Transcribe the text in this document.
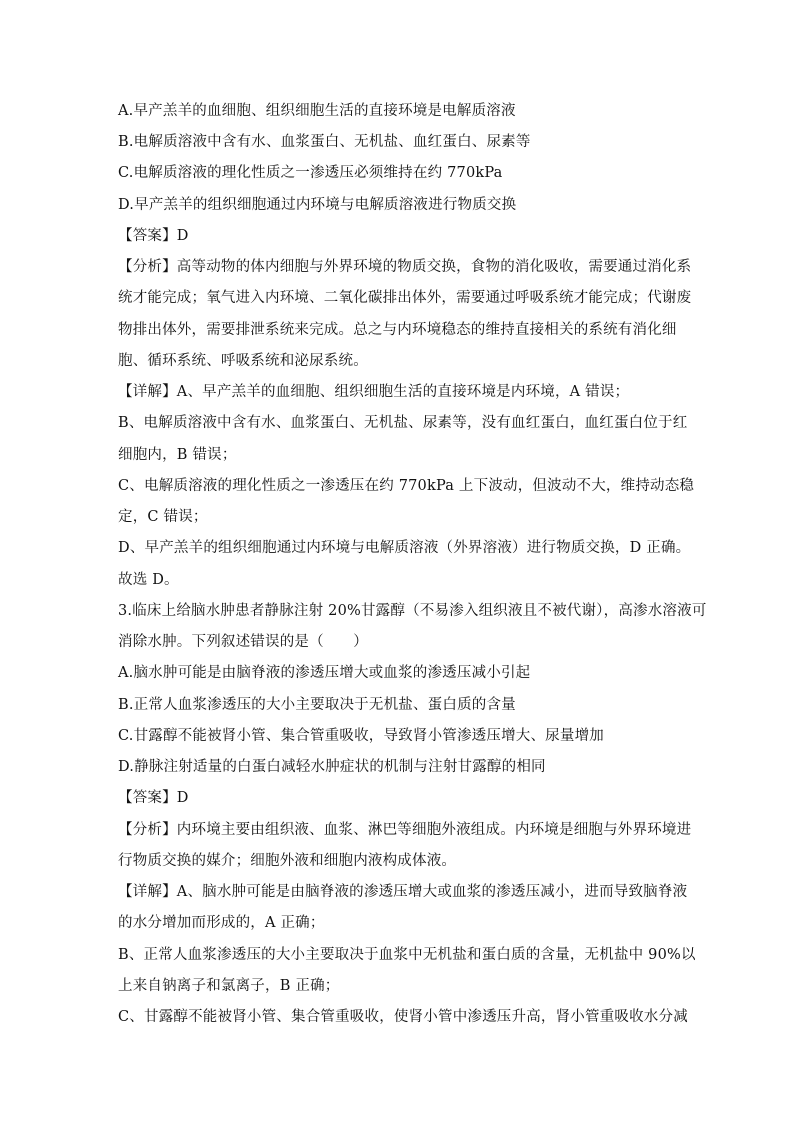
A.早产羔羊的血细胞、组织细胞生活的直接环境是电解质溶液
B.电解质溶液中含有水、血浆蛋白、无机盐、血红蛋白、尿素等
C.电解质溶液的理化性质之一渗透压必须维持在约 770kPa
D.早产羔羊的组织细胞通过内环境与电解质溶液进行物质交换
【答案】D
【分析】高等动物的体内细胞与外界环境的物质交换，食物的消化吸收，需要通过消化系
统才能完成；氧气进入内环境、二氧化碳排出体外，需要通过呼吸系统才能完成；代谢废
物排出体外，需要排泄系统来完成。总之与内环境稳态的维持直接相关的系统有消化细
胞、循环系统、呼吸系统和泌尿系统。
【详解】A、早产羔羊的血细胞、组织细胞生活的直接环境是内环境，A 错误；
B、电解质溶液中含有水、血浆蛋白、无机盐、尿素等，没有血红蛋白，血红蛋白位于红
细胞内，B 错误；
C、电解质溶液的理化性质之一渗透压在约 770kPa 上下波动，但波动不大，维持动态稳
定，C 错误；
D、早产羔羊的组织细胞通过内环境与电解质溶液（外界溶液）进行物质交换，D 正确。
故选 D。
3.临床上给脑水肿患者静脉注射 20%甘露醇（不易渗入组织液且不被代谢），高渗水溶液可
消除水肿。下列叙述错误的是（　　）
A.脑水肿可能是由脑脊液的渗透压增大或血浆的渗透压减小引起
B.正常人血浆渗透压的大小主要取决于无机盐、蛋白质的含量
C.甘露醇不能被肾小管、集合管重吸收，导致肾小管渗透压增大、尿量增加
D.静脉注射适量的白蛋白减轻水肿症状的机制与注射甘露醇的相同
【答案】D
【分析】内环境主要由组织液、血浆、淋巴等细胞外液组成。内环境是细胞与外界环境进
行物质交换的媒介；细胞外液和细胞内液构成体液。
【详解】A、脑水肿可能是由脑脊液的渗透压增大或血浆的渗透压减小，进而导致脑脊液
的水分增加而形成的，A 正确；
B、正常人血浆渗透压的大小主要取决于血浆中无机盐和蛋白质的含量，无机盐中 90%以
上来自钠离子和氯离子，B 正确；
C、甘露醇不能被肾小管、集合管重吸收，使肾小管中渗透压升高，肾小管重吸收水分减
